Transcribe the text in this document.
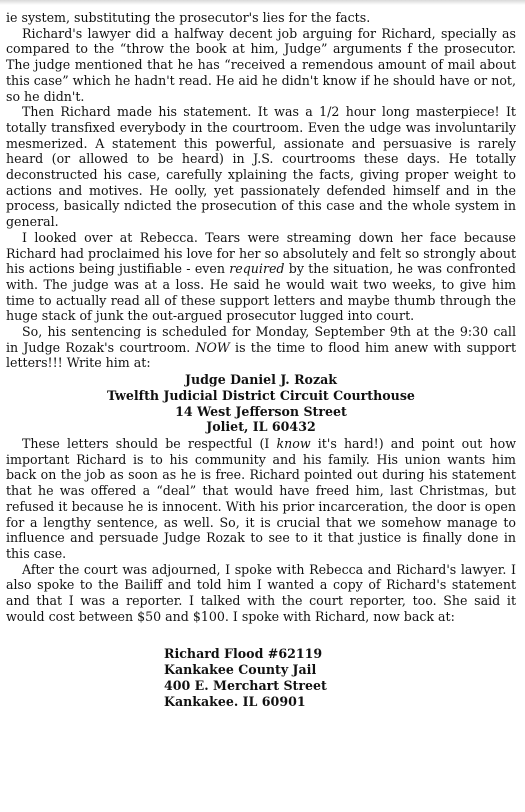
ie system, substituting the prosecutor's lies for the facts.

Richard's lawyer did a halfway decent job arguing for Richard, specially as compared to the “throw the book at him, Judge” arguments f the prosecutor. The judge mentioned that he has “received a remendous amount of mail about this case” which he hadn't read. He aid he didn't know if he should have or not, so he didn't.

Then Richard made his statement. It was a 1/2 hour long masterpiece! It totally transfixed everybody in the courtroom. Even the udge was involuntarily mesmerized. A statement this powerful, assionate and persuasive is rarely heard (or allowed to be heard) in J.S. courtrooms these days. He totally deconstructed his case, carefully xplaining the facts, giving proper weight to actions and motives. He oolly, yet passionately defended himself and in the process, basically ndicted the prosecution of this case and the whole system in general.

I looked over at Rebecca. Tears were streaming down her face because Richard had proclaimed his love for her so absolutely and felt so strongly about his actions being justifiable - even required by the situation, he was confronted with. The judge was at a loss. He said he would wait two weeks, to give him time to actually read all of these support letters and maybe thumb through the huge stack of junk the out-argued prosecutor lugged into court.

So, his sentencing is scheduled for Monday, September 9th at the 9:30 call in Judge Rozak's courtroom. NOW is the time to flood him anew with support letters!!! Write him at:

Judge Daniel J. Rozak
Twelfth Judicial District Circuit Courthouse
14 West Jefferson Street
Joliet, IL 60432

These letters should be respectful (I know it's hard!) and point out how important Richard is to his community and his family. His union wants him back on the job as soon as he is free. Richard pointed out during his statement that he was offered a “deal” that would have freed him, last Christmas, but refused it because he is innocent. With his prior incarceration, the door is open for a lengthy sentence, as well. So, it is crucial that we somehow manage to influence and persuade Judge Rozak to see to it that justice is finally done in this case.

After the court was adjourned, I spoke with Rebecca and Richard's lawyer. I also spoke to the Bailiff and told him I wanted a copy of Richard's statement and that I was a reporter. I talked with the court reporter, too. She said it would cost between $50 and $100. I spoke with Richard, now back at:

Richard Flood #62119
Kankakee County Jail
400 E. Merchart Street
Kankakee. IL 60901
